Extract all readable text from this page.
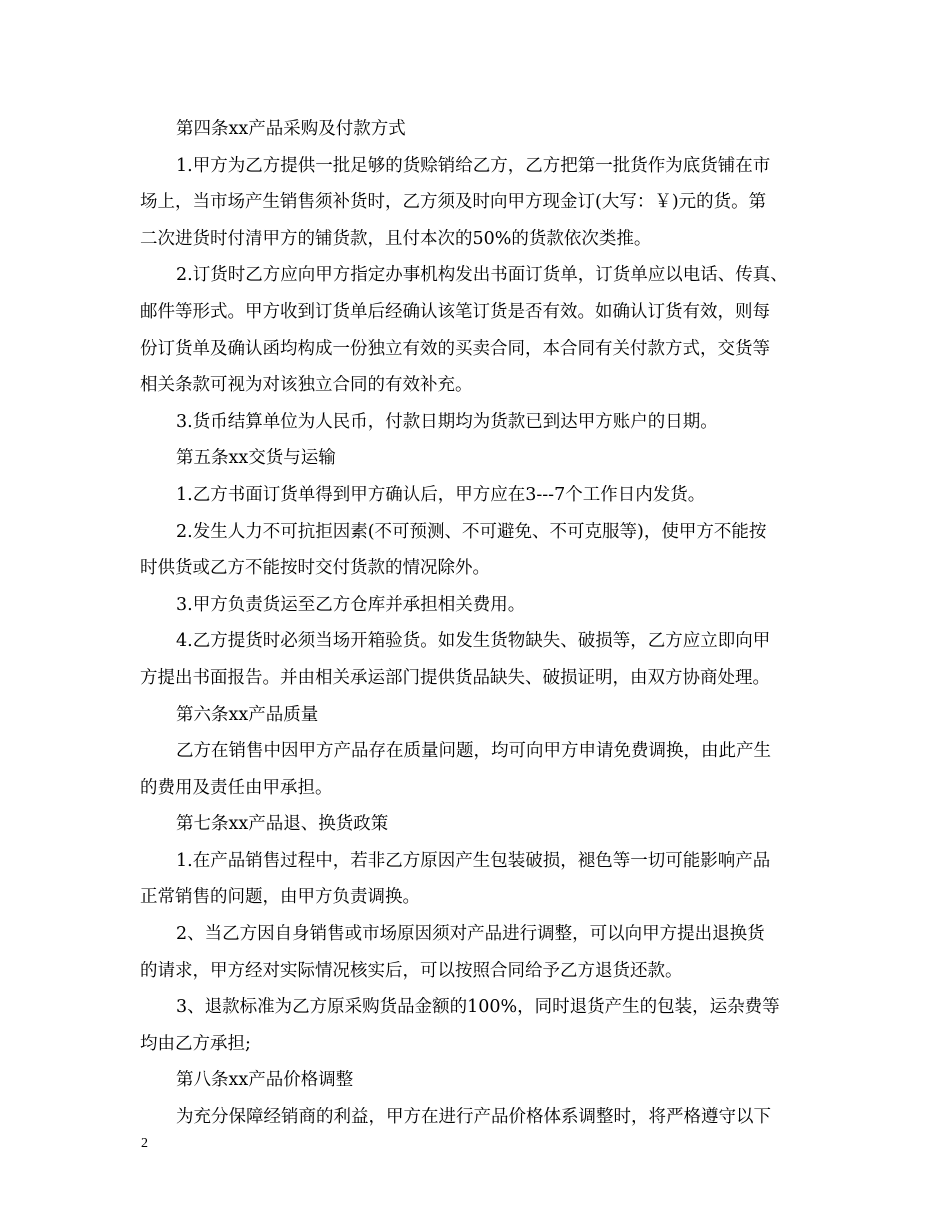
第四条xx产品采购及付款方式
1.甲方为乙方提供一批足够的货赊销给乙方，乙方把第一批货作为底货铺在市
场上，当市场产生销售须补货时，乙方须及时向甲方现金订(大写：￥)元的货。第
二次进货时付清甲方的铺货款，且付本次的50%的货款依次类推。
2.订货时乙方应向甲方指定办事机构发出书面订货单，订货单应以电话、传真、
邮件等形式。甲方收到订货单后经确认该笔订货是否有效。如确认订货有效，则每
份订货单及确认函均构成一份独立有效的买卖合同，本合同有关付款方式，交货等
相关条款可视为对该独立合同的有效补充。
3.货币结算单位为人民币，付款日期均为货款已到达甲方账户的日期。
第五条xx交货与运输
1.乙方书面订货单得到甲方确认后，甲方应在3---7个工作日内发货。
2.发生人力不可抗拒因素(不可预测、不可避免、不可克服等)，使甲方不能按
时供货或乙方不能按时交付货款的情况除外。
3.甲方负责货运至乙方仓库并承担相关费用。
4.乙方提货时必须当场开箱验货。如发生货物缺失、破损等，乙方应立即向甲
方提出书面报告。并由相关承运部门提供货品缺失、破损证明，由双方协商处理。
第六条xx产品质量
乙方在销售中因甲方产品存在质量问题，均可向甲方申请免费调换，由此产生
的费用及责任由甲承担。
第七条xx产品退、换货政策
1.在产品销售过程中，若非乙方原因产生包装破损，褪色等一切可能影响产品
正常销售的问题，由甲方负责调换。
2、当乙方因自身销售或市场原因须对产品进行调整，可以向甲方提出退换货
的请求，甲方经对实际情况核实后，可以按照合同给予乙方退货还款。
3、退款标准为乙方原采购货品金额的100%，同时退货产生的包装，运杂费等
均由乙方承担;
第八条xx产品价格调整
为充分保障经销商的利益，甲方在进行产品价格体系调整时，将严格遵守以下
2
